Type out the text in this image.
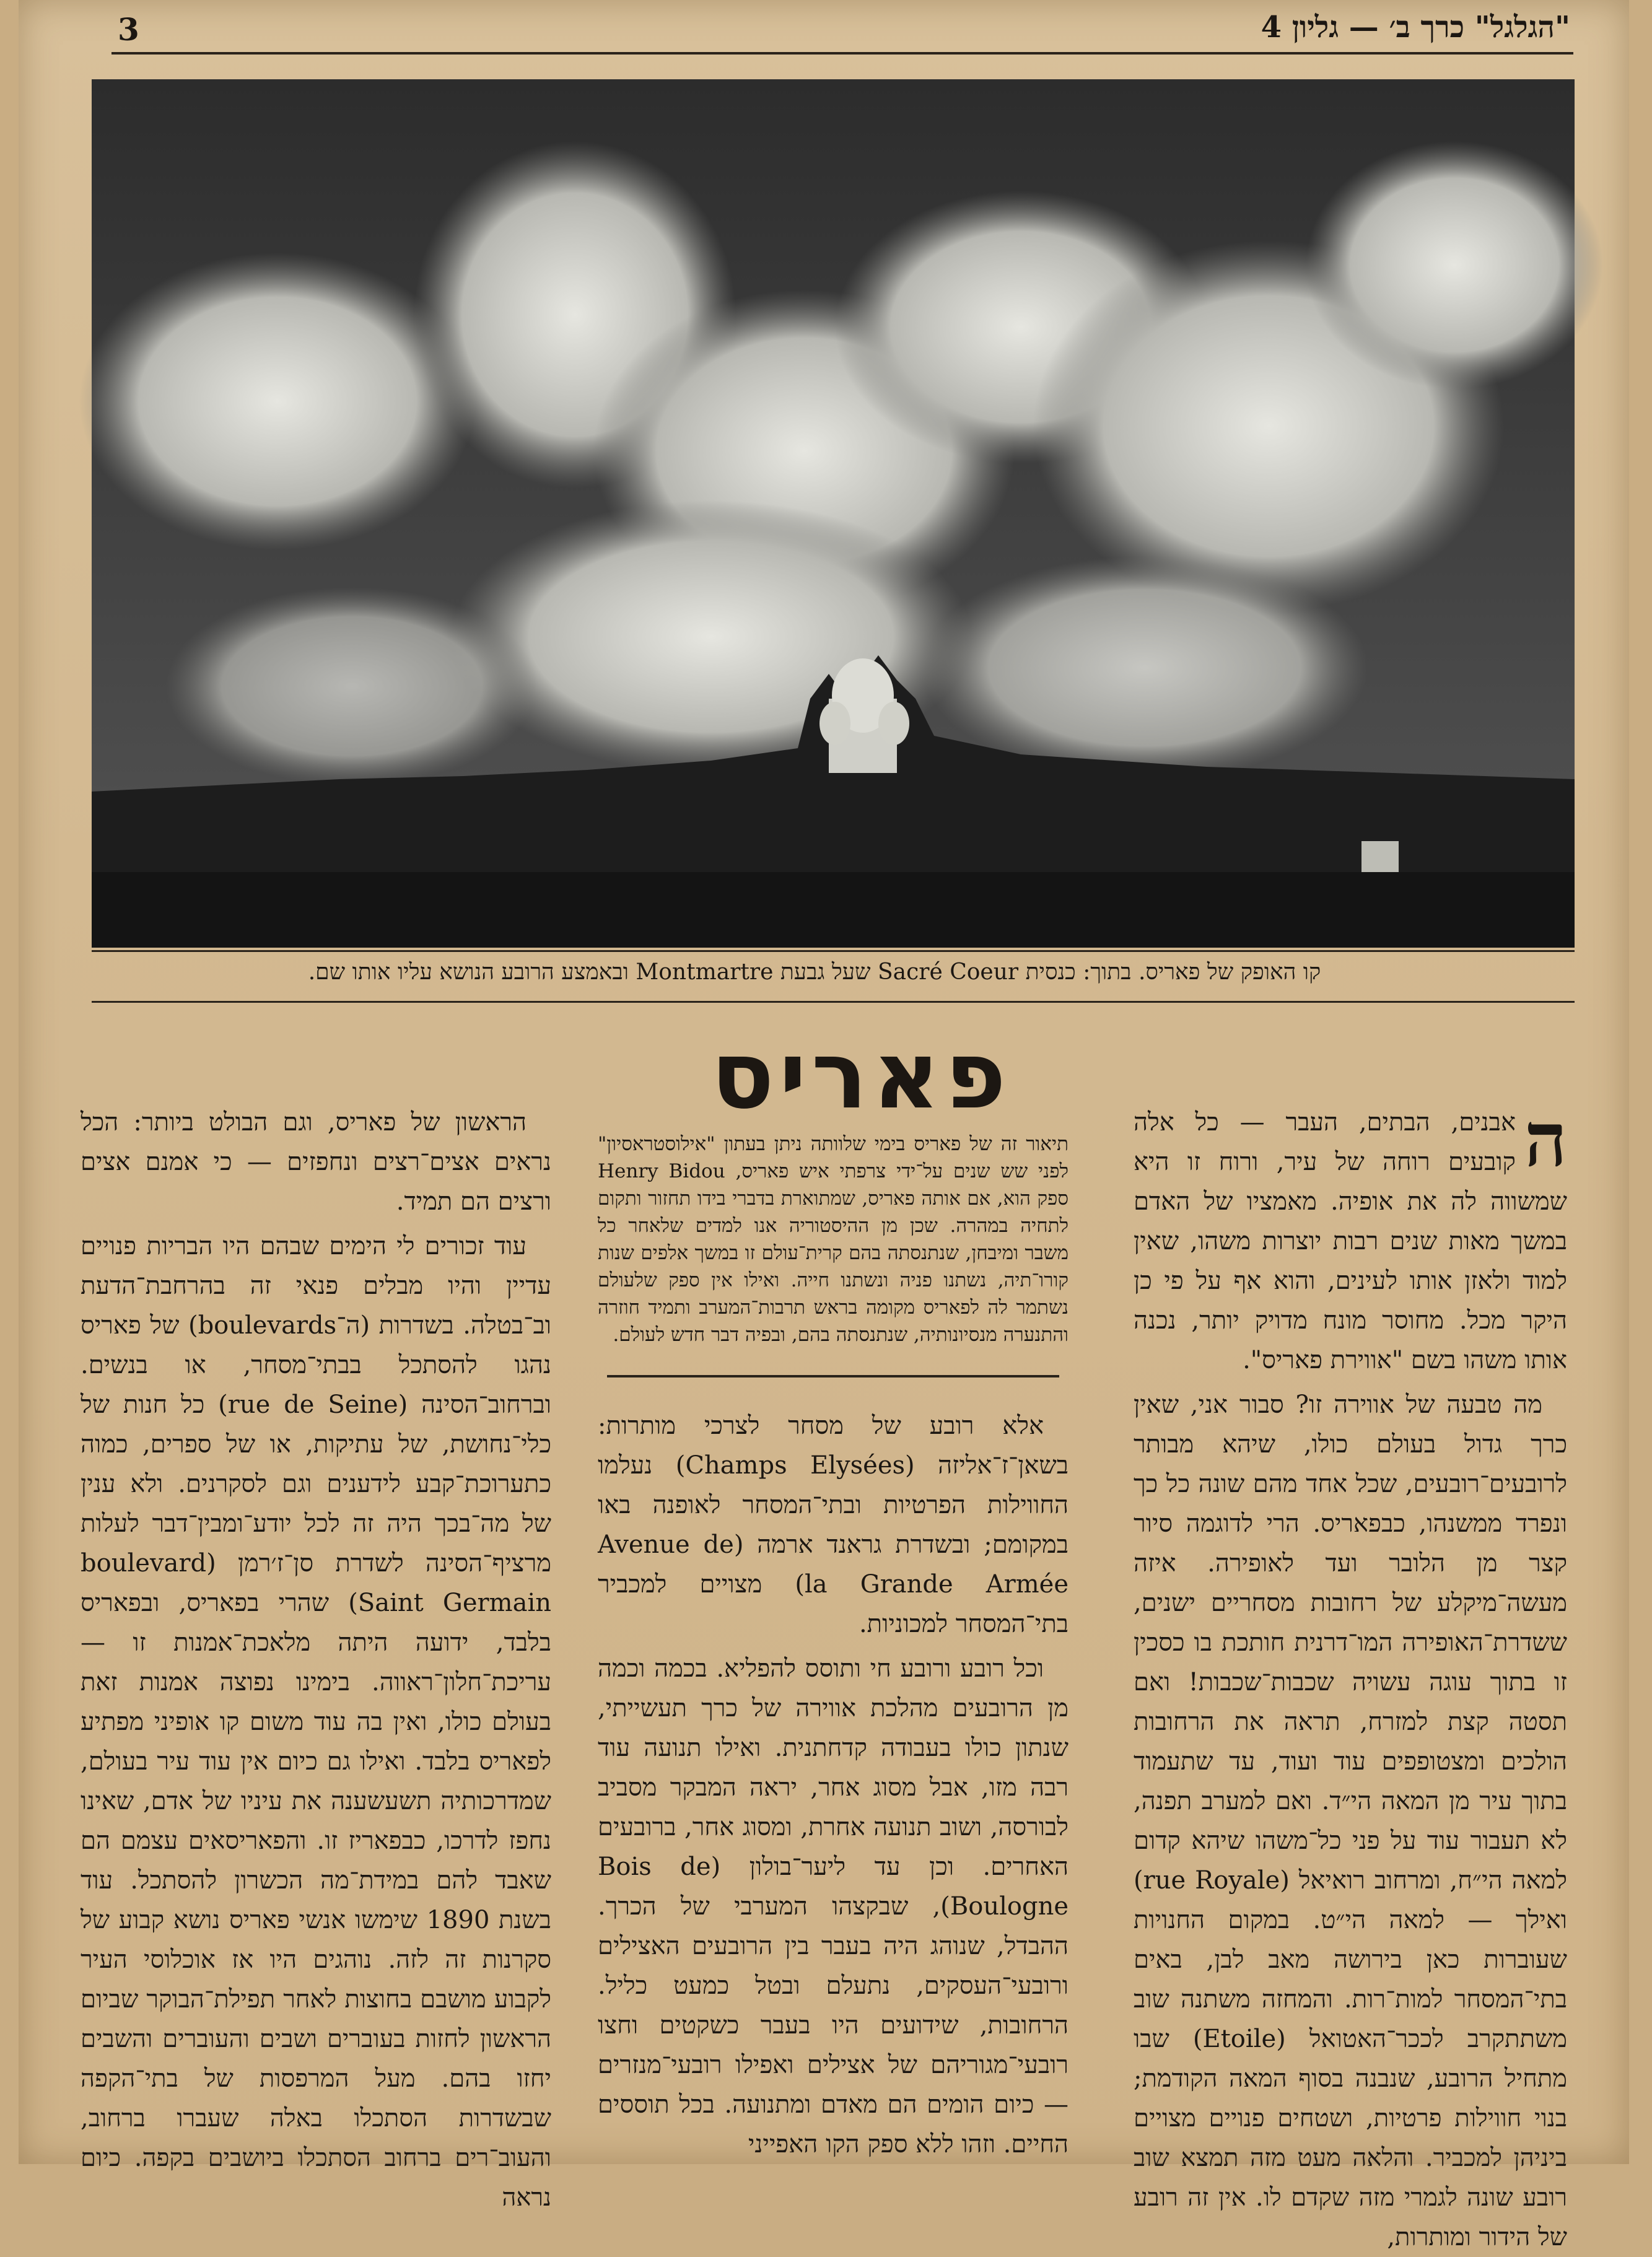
3	"הגלגל" כרך ב׳ — גליון 4
קו האופק של פאריס. בתוך: כנסית Sacré Coeur שעל גבעת Montmartre ובאמצע הרובע הנושא עליו אותו שם.
פאריס
תיאור זה של פאריס בימי שלוותה ניתן בעתון "אילוסטראסיון" לפני שש שנים על־ידי צרפתי איש פאריס, Henry Bidou ספק הוא, אם אותה פאריס, שמתוארת בדברי בידו תחזור ותקום לתחיה במהרה. שכן מן ההיסטוריה אנו למדים שלאחר כל משבר ומיבחן, שנתנסתה בהם קרית־עולם זו במשך אלפים שנות קורו־תיה, נשתנו פניה ונשתנו חייה. ואילו אין ספק שלעולם נשתמר לה לפאריס מקומה בראש תרבות־המערב ותמיד חוזרה והתנערה מנסיונותיה, שנתנסתה בהם, ובפיה דבר חדש לעולם.

ה
אבנים, הבתים, העבר — כל אלה קובעים רוחה של עיר, ורוח זו היא שמשווה לה את אופיה. מאמציו של האדם במשך מאות שנים רבות יוצרות משהו, שאין למוד ולאזן אותו לעינים, והוא אף על פי כן היקר מכל. מחוסר מונח מדויק יותר, נכנה אותו משהו בשם "אווירת פאריס".

מה טבעה של אווירה זו? סבור אני, שאין כרך גדול בעולם כולו, שיהא מבותר לרובעים־רובעים, שכל אחד מהם שונה כל כך ונפרד ממשנהו, כבפאריס. הרי לדוגמה סיור קצר מן הלובר ועד לאופירה. איזה מעשה־מיקלע של רחובות מסחריים ישנים, ששדרת־האופירה המו־דרנית חותכת בו כסכין זו בתוך עוגה עשויה שכבות־שכבות! ואם תסטה קצת למזרח, תראה את הרחובות הולכים ומצטופפים עוד ועוד, עד שתעמוד בתוך עיר מן המאה הי״ד. ואם למערב תפנה, לא תעבור עוד על פני כל־משהו שיהא קדום למאה הי״ח, ומרחוב רואיאל (rue Royale) ואילך — למאה הי״ט. במקום החנויות שעוברות כאן בירושה מאב לבן, באים בתי־המסחר למות־רות. והמחזה משתנה שוב משתתקרב לככר־האטואל (Etoile) שבו מתחיל הרובע, שנבנה בסוף המאה הקודמת; בנוי חווילות פרטיות, ושטחים פנויים מצויים ביניהן למכביר. והלאה מעט מזה תמצא שוב רובע שונה לגמרי מזה שקדם לו. אין זה רובע של הידור ומותרות,

אלא רובע של מסחר לצרכי מותרות: בשאן־ז־אליזה (Champs Elysées) נעלמו החווילות הפרטיות ובתי־המסחר לאופנה באו במקומם; ובשדרת גראנד ארמה (Avenue de la Grande Armée) מצויים למכביר בתי־המסחר למכוניות.

וכל רובע ורובע חי ותוסס להפליא. בכמה וכמה מן הרובעים מהלכת אווירה של כרך תעשייתי, שנתון כולו בעבודה קדחתנית. ואילו תנועה עוד רבה מזו, אבל מסוג אחר, יראה המבקר מסביב לבורסה, ושוב תנועה אחרת, ומסוג אחר, ברובעים האחרים. וכן עד ליער־בולון (Bois de Boulogne), שבקצהו המערבי של הכרך. ההבדל, שנוהג היה בעבר בין הרובעים האצילים ורובעי־העסקים, נתעלם ובטל כמעט כליל. הרחובות, שידועים היו בעבר כשקטים וחצו רובעי־מגוריהם של אצילים ואפילו רובעי־מנזרים — כיום הומים הם מאדם ומתנועה. בכל תוססים החיים. וזהו ללא ספק הקו האפייני

הראשון של פאריס, וגם הבולט ביותר: הכל נראים אצים־רצים ונחפזים — כי אמנם אצים ורצים הם תמיד.

עוד זכורים לי הימים שבהם היו הבריות פנויים עדיין והיו מבלים פנאי זה בהרחבת־הדעת וב־בטלה. בשדרות (ה־boulevards) של פאריס נהגו להסתכל בבתי־מסחר, או בנשים. וברחוב־הסינה (rue de Seine) כל חנות של כלי־נחושת, של עתיקות, או של ספרים, כמוה כתערוכת־קבע לידענים וגם לסקרנים. ולא ענין של מה־בכך היה זה לכל יודע־ומבין־דבר לעלות מרציף־הסינה לשדרת סן־ז׳רמן (boulevard Saint Germain) שהרי בפאריס, ובפאריס בלבד, ידועה היתה מלאכת־אמנות זו — עריכת־חלון־ראווה. בימינו נפוצה אמנות זאת בעולם כולו, ואין בה עוד משום קו אופיני מפתיע לפאריס בלבד. ואילו גם כיום אין עוד עיר בעולם, שמדרכותיה תשעשענה את עיניו של אדם, שאינו נחפז לדרכו, כבפאריז זו. והפאריסאים עצמם הם שאבד להם במידת־מה הכשרון להסתכל. עוד בשנת 1890 שימשו אנשי פאריס נושא קבוע של סקרנות זה לזה. נוהגים היו אז אוכלוסי העיר לקבוע מושבם בחוצות לאחר תפילת־הבוקר שביום הראשון לחזות בעוברים ושבים והעוברים והשבים יחזו בהם. מעל המרפסות של בתי־הקפה שבשדרות הסתכלו באלה שעברו ברחוב, והעוב־רים ברחוב הסתכלו ביושבים בקפה. כיום נראה
